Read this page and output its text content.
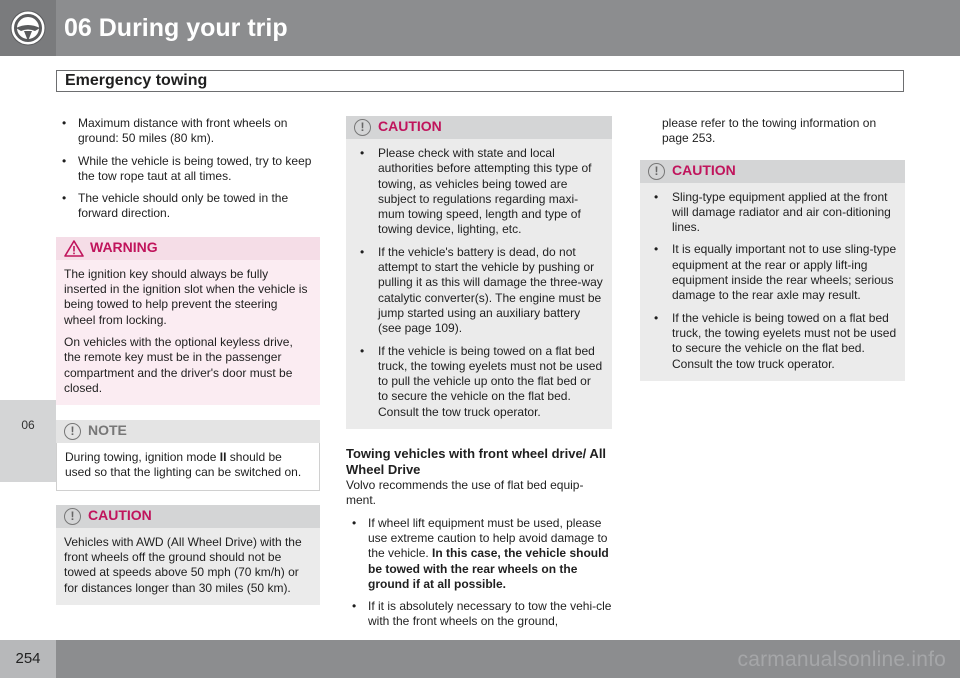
06 During your trip
Emergency towing
06
• Maximum distance with front wheels on ground: 50 miles (80 km).
• While the vehicle is being towed, try to keep the tow rope taut at all times.
• The vehicle should only be towed in the forward direction.
WARNING

The ignition key should always be fully inserted in the ignition slot when the vehicle is being towed to help prevent the steering wheel from locking.

On vehicles with the optional keyless drive, the remote key must be in the passenger compartment and the driver's door must be closed.

! NOTE

During towing, ignition mode II should be used so that the lighting can be switched on.

! CAUTION

Vehicles with AWD (All Wheel Drive) with the front wheels off the ground should not be towed at speeds above 50 mph (70 km/h) or for distances longer than 30 miles (50 km).

! CAUTION
• Please check with state and local authorities before attempting this type of towing, as vehicles being towed are subject to regulations regarding maxi-mum towing speed, length and type of towing device, lighting, etc.
• If the vehicle's battery is dead, do not attempt to start the vehicle by pushing or pulling it as this will damage the three-way catalytic converter(s). The engine must be jump started using an auxiliary battery (see page 109).
• If the vehicle is being towed on a flat bed truck, the towing eyelets must not be used to pull the vehicle up onto the flat bed or to secure the vehicle on the flat bed. Consult the tow truck operator.
Towing vehicles with front wheel drive/ All Wheel Drive

Volvo recommends the use of flat bed equip-ment.

• If wheel lift equipment must be used, please use extreme caution to help avoid damage to the vehicle. In this case, the vehicle should be towed with the rear wheels on the ground if at all possible.
• If it is absolutely necessary to tow the vehi-cle with the front wheels on the ground,

please refer to the towing information on page 253.

! CAUTION
• Sling-type equipment applied at the front will damage radiator and air con-ditioning lines.
• It is equally important not to use sling-type equipment at the rear or apply lift-ing equipment inside the rear wheels; serious damage to the rear axle may result.
• If the vehicle is being towed on a flat bed truck, the towing eyelets must not be used to secure the vehicle on the flat bed. Consult the tow truck operator.
254	carmanualsonline.info
